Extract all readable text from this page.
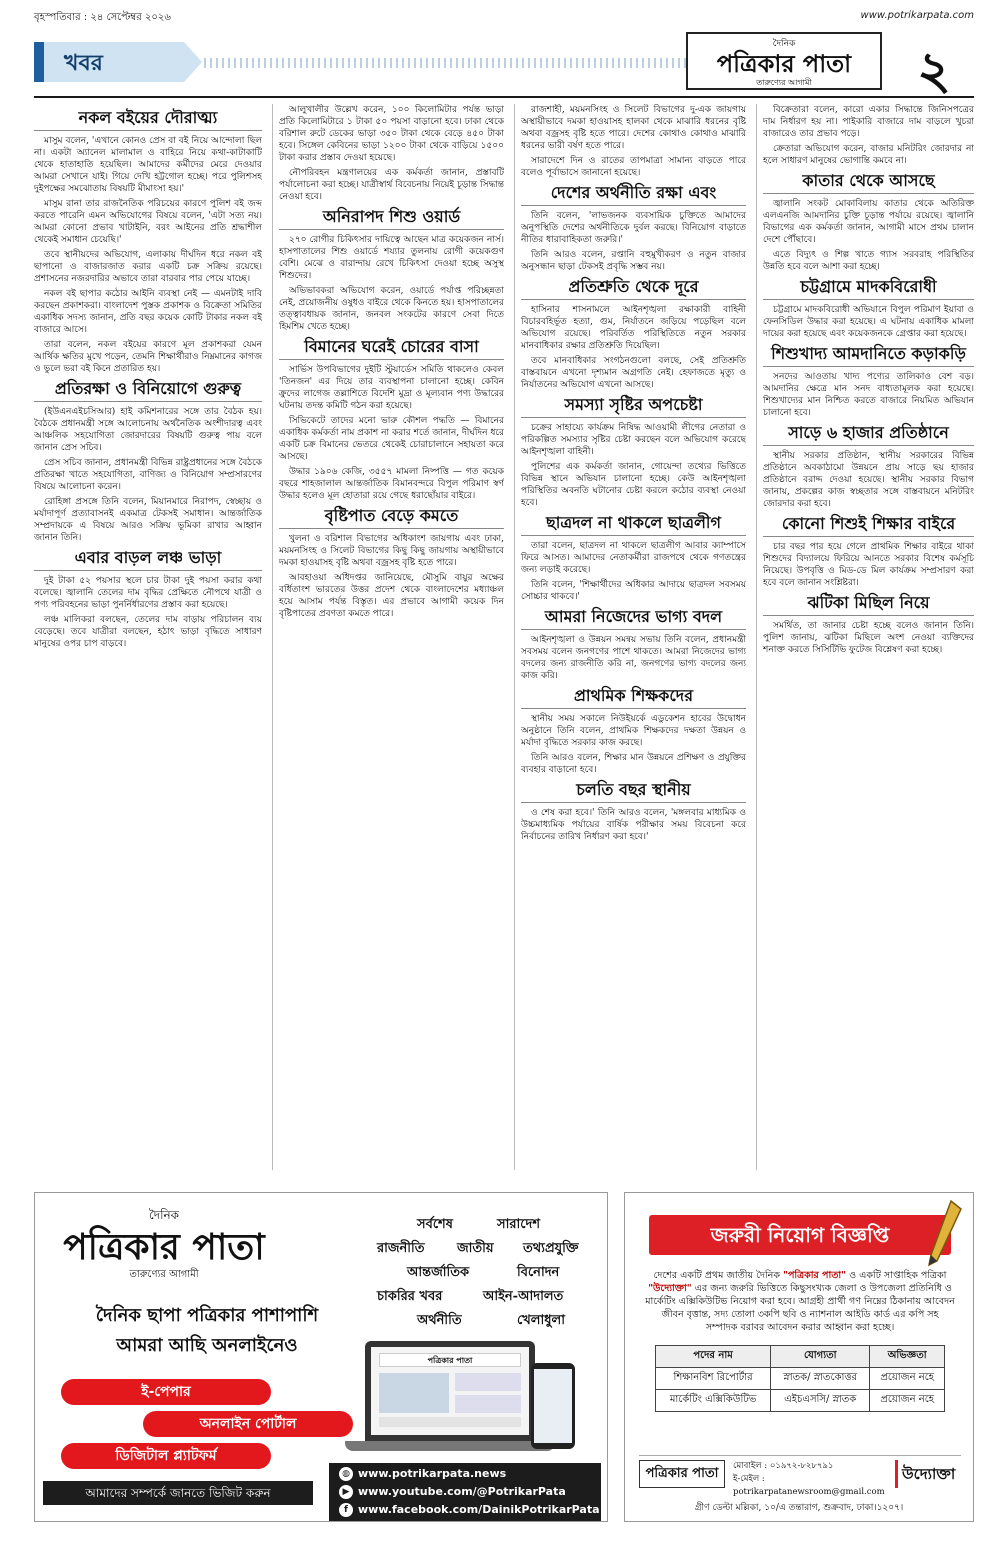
বৃহস্পতিবার : ২৪ সেপ্টেম্বর ২০২৬	www.potrikarpata.com
খবর
দৈনিক
পত্রিকার পাতা
তারুণ্যের আগামী	২
নকল বইয়ের দৌরাত্ম্য

মাসুম বলেন, 'এখানে কোনও প্রেস বা বই নিয়ে আন্দোলা ছিল না। একটা অ্যানেল মালামাল ও বাহিরে নিয়ে কথা-কাটাকাটি থেকে হাতাহাতি হয়েছিল। আমাদের কর্মীদের মেরে দেওয়ার আমরা সেখানে যাই। গিয়ে দেখি হট্টগোল হচ্ছে। পরে পুলিশসহ দুইপক্ষের সমঝোতায় বিষয়টি মীমাংসা হয়।'

মাসুম রানা তার রাজনৈতিক পরিচয়ের কারণে পুলিশ বই জব্দ করতে পারেনি এমন অভিযোগের বিষয়ে বলেন, 'এটা সত্য নয়। আমরা কোনো প্রভাব খাটাইনি, বরং আইনের প্রতি শ্রদ্ধাশীল থেকেই সমাধান চেয়েছি।'

তবে স্থানীয়দের অভিযোগ, এলাকায় দীর্ঘদিন ধরে নকল বই ছাপানো ও বাজারজাত করার একটি চক্র সক্রিয় রয়েছে। প্রশাসনের নজরদারির অভাবে তারা বারবার পার পেয়ে যাচ্ছে।

নকল বই ছাপার কঠোর আইনি ব্যবস্থা নেই — এমনটাই দাবি করছেন প্রকাশকরা। বাংলাদেশ পুস্তক প্রকাশক ও বিক্রেতা সমিতির একাধিক সদস্য জানান, প্রতি বছর কয়েক কোটি টাকার নকল বই বাজারে আসে।

তারা বলেন, নকল বইয়ের কারণে মূল প্রকাশকরা যেমন আর্থিক ক্ষতির মুখে পড়েন, তেমনি শিক্ষার্থীরাও নিম্নমানের কাগজ ও ভুলে ভরা বই কিনে প্রতারিত হয়।

প্রতিরক্ষা ও বিনিয়োগে গুরুত্ব

(ইউএনএইচসিআর) হাই কমিশনারের সঙ্গে তার বৈঠক হয়। বৈঠকে প্রধানমন্ত্রী সঙ্গে আলোচনায় অর্থনৈতিক অংশীদারত্ব এবং আঞ্চলিক সহযোগিতা জোরদারের বিষয়টি গুরুত্ব পায় বলে জানান প্রেস সচিব।

প্রেস সচিব জানান, প্রধানমন্ত্রী বিভিন্ন রাষ্ট্রপ্রধানের সঙ্গে বৈঠকে প্রতিরক্ষা খাতে সহযোগিতা, বাণিজ্য ও বিনিয়োগ সম্প্রসারণের বিষয়ে আলোচনা করেন।

রোহিঙ্গা প্রসঙ্গে তিনি বলেন, মিয়ানমারে নিরাপদ, স্বেচ্ছায় ও মর্যাদাপূর্ণ প্রত্যাবাসনই একমাত্র টেকসই সমাধান। আন্তর্জাতিক সম্প্রদায়কে এ বিষয়ে আরও সক্রিয় ভূমিকা রাখার আহ্বান জানান তিনি।

এবার বাড়ল লঞ্চ ভাড়া

দুই টাকা ৫২ পয়সার স্থলে চার টাকা দুই পয়সা করার কথা বলেছে। জ্বালানি তেলের দাম বৃদ্ধির প্রেক্ষিতে নৌপথে যাত্রী ও পণ্য পরিবহনের ভাড়া পুনর্নির্ধারণের প্রস্তাব করা হয়েছে।

লঞ্চ মালিকরা বলছেন, তেলের দাম বাড়ায় পরিচালন ব্যয় বেড়েছে। তবে যাত্রীরা বলছেন, হঠাৎ ভাড়া বৃদ্ধিতে সাধারণ মানুষের ওপর চাপ বাড়বে।

আলুখালীর উল্লেখ করেন, ১০০ কিলোমিটার পর্যন্ত ভাড়া প্রতি কিলোমিটারে ১ টাকা ৫০ পয়সা বাড়ানো হবে। ঢাকা থেকে বরিশাল রুটে ডেকের ভাড়া ৩৫০ টাকা থেকে বেড়ে ৪৫০ টাকা হবে। সিঙ্গেল কেবিনের ভাড়া ১২০০ টাকা থেকে বাড়িয়ে ১৫০০ টাকা করার প্রস্তাব দেওয়া হয়েছে।

নৌপরিবহন মন্ত্রণালয়ের এক কর্মকর্তা জানান, প্রস্তাবটি পর্যালোচনা করা হচ্ছে। যাত্রীস্বার্থ বিবেচনায় নিয়েই চূড়ান্ত সিদ্ধান্ত নেওয়া হবে।

অনিরাপদ শিশু ওয়ার্ড

২৭০ রোগীর চিকিৎসার দায়িত্বে আছেন মাত্র কয়েকজন নার্স। হাসপাতালের শিশু ওয়ার্ডে শয্যার তুলনায় রোগী কয়েকগুণ বেশি। মেঝে ও বারান্দায় রেখে চিকিৎসা দেওয়া হচ্ছে অসুস্থ শিশুদের।

অভিভাবকরা অভিযোগ করেন, ওয়ার্ডে পর্যাপ্ত পরিচ্ছন্নতা নেই, প্রয়োজনীয় ওষুধও বাইরে থেকে কিনতে হয়। হাসপাতালের তত্ত্বাবধায়ক জানান, জনবল সংকটের কারণে সেবা দিতে হিমশিম খেতে হচ্ছে।

বিমানের ঘরেই চোরের বাসা

সার্ভিস উপবিভাগের দুইটি স্টুয়ার্ডেস সমিতি থাকলেও কেবল 'তিনজন' এর দিয়ে তার ব্যবস্থাপনা চালানো হচ্ছে। কেবিন ক্রুদের লাগেজ তল্লাশিতে বিদেশি মুদ্রা ও মূল্যবান পণ্য উদ্ধারের ঘটনায় তদন্ত কমিটি গঠন করা হয়েছে।

সিভিকেটে তাদের মনো ভারু কৌশল পদ্ধতি — বিমানের একাধিক কর্মকর্তা নাম প্রকাশ না করার শর্তে জানান, দীর্ঘদিন ধরে একটি চক্র বিমানের ভেতরে থেকেই চোরাচালানে সহায়তা করে আসছে।

উদ্ধার ১৯০৬ কেজি, ৩৫৫৭ মামলা নিষ্পত্তি — গত কয়েক বছরে শাহজালাল আন্তর্জাতিক বিমানবন্দরে বিপুল পরিমাণ স্বর্ণ উদ্ধার হলেও মূল হোতারা রয়ে গেছে ধরাছোঁয়ার বাইরে।

বৃষ্টিপাত বেড়ে কমতে

খুলনা ও বরিশাল বিভাগের অধিকাংশ জায়গায় এবং ঢাকা, ময়মনসিংহ ও সিলেট বিভাগের কিছু কিছু জায়গায় অস্থায়ীভাবে দমকা হাওয়াসহ বৃষ্টি অথবা বজ্রসহ বৃষ্টি হতে পারে।

আবহাওয়া অধিদপ্তর জানিয়েছে, মৌসুমি বায়ুর অক্ষের বর্ধিতাংশ ভারতের উত্তর প্রদেশ থেকে বাংলাদেশের মধ্যাঞ্চল হয়ে আসাম পর্যন্ত বিস্তৃত। এর প্রভাবে আগামী কয়েক দিন বৃষ্টিপাতের প্রবণতা কমতে পারে।

রাজশাহী, ময়মনসিংহ ও সিলেট বিভাগের দু-এক জায়গায় অস্থায়ীভাবে দমকা হাওয়াসহ হালকা থেকে মাঝারি ধরনের বৃষ্টি অথবা বজ্রসহ বৃষ্টি হতে পারে। দেশের কোথাও কোথাও মাঝারি ধরনের ভারী বর্ষণ হতে পারে।

সারাদেশে দিন ও রাতের তাপমাত্রা সামান্য বাড়তে পারে বলেও পূর্বাভাসে জানানো হয়েছে।

দেশের অর্থনীতি রক্ষা এবং

তিনি বলেন, 'লাভজনক ব্যবসায়িক চুক্তিতে আমাদের অনুপস্থিতি দেশের অর্থনীতিকে দুর্বল করছে। বিনিয়োগ বাড়াতে নীতির ধারাবাহিকতা জরুরি।'

তিনি আরও বলেন, রপ্তানি বহুমুখীকরণ ও নতুন বাজার অনুসন্ধান ছাড়া টেকসই প্রবৃদ্ধি সম্ভব নয়।

প্রতিশ্রুতি থেকে দূরে

হাসিনার শাসনামলে আইনশৃঙ্খলা রক্ষাকারী বাহিনী বিচারবহির্ভূত হত্যা, গুম, নির্যাতনে জড়িয়ে পড়েছিল বলে অভিযোগ রয়েছে। পরিবর্তিত পরিস্থিতিতে নতুন সরকার মানবাধিকার রক্ষার প্রতিশ্রুতি দিয়েছিল।

তবে মানবাধিকার সংগঠনগুলো বলছে, সেই প্রতিশ্রুতি বাস্তবায়নে এখনো দৃশ্যমান অগ্রগতি নেই। হেফাজতে মৃত্যু ও নির্যাতনের অভিযোগ এখনো আসছে।

সমস্যা সৃষ্টির অপচেষ্টা

চক্রের সাহায্যে কার্যক্রম নিষিদ্ধ আওয়ামী লীগের নেতারা ও পরিকল্পিত সমস্যার সৃষ্টির চেষ্টা করছেন বলে অভিযোগ করেছে আইনশৃঙ্খলা বাহিনী।

পুলিশের এক কর্মকর্তা জানান, গোয়েন্দা তথ্যের ভিত্তিতে বিভিন্ন স্থানে অভিযান চালানো হচ্ছে। কেউ আইনশৃঙ্খলা পরিস্থিতির অবনতি ঘটানোর চেষ্টা করলে কঠোর ব্যবস্থা নেওয়া হবে।

ছাত্রদল না থাকলে ছাত্রলীগ

তারা বলেন, ছাত্রদল না থাকলে ছাত্রলীগ আবার ক্যাম্পাসে ফিরে আসত। আমাদের নেতাকর্মীরা রাজপথে থেকে গণতন্ত্রের জন্য লড়াই করেছে।

তিনি বলেন, 'শিক্ষার্থীদের অধিকার আদায়ে ছাত্রদল সবসময় সোচ্চার থাকবে।'

আমরা নিজেদের ভাগ্য বদল

আইনশৃঙ্খলা ও উন্নয়ন সমন্বয় সভায় তিনি বলেন, প্রধানমন্ত্রী সবসময় বলেন জনগণের পাশে থাকতে। আমরা নিজেদের ভাগ্য বদলের জন্য রাজনীতি করি না, জনগণের ভাগ্য বদলের জন্য কাজ করি।

প্রাথমিক শিক্ষকদের

স্থানীয় সময় সকালে নিউইয়র্কে এডুকেশন হাবের উদ্বোধন অনুষ্ঠানে তিনি বলেন, প্রাথমিক শিক্ষকদের দক্ষতা উন্নয়ন ও মর্যাদা বৃদ্ধিতে সরকার কাজ করছে।

তিনি আরও বলেন, শিক্ষার মান উন্নয়নে প্রশিক্ষণ ও প্রযুক্তির ব্যবহার বাড়ানো হবে।

চলতি বছর স্থানীয়

ও শেষ করা হবে।' তিনি আরও বলেন, 'মঙ্গলবার মাধ্যমিক ও উচ্চমাধ্যমিক পর্যায়ের বার্ষিক পরীক্ষার সময় বিবেচনা করে নির্বাচনের তারিখ নির্ধারণ করা হবে।'

বিক্রেতারা বলেন, কারো একার সিদ্ধান্তে জিনিসপত্রের দাম নির্ধারণ হয় না। পাইকারি বাজারে দাম বাড়লে খুচরা বাজারেও তার প্রভাব পড়ে।

ক্রেতারা অভিযোগ করেন, বাজার মনিটরিং জোরদার না হলে সাধারণ মানুষের ভোগান্তি কমবে না।

কাতার থেকে আসছে

জ্বালানি সংকট মোকাবিলায় কাতার থেকে অতিরিক্ত এলএনজি আমদানির চুক্তি চূড়ান্ত পর্যায়ে রয়েছে। জ্বালানি বিভাগের এক কর্মকর্তা জানান, আগামী মাসে প্রথম চালান দেশে পৌঁছাবে।

এতে বিদ্যুৎ ও শিল্প খাতে গ্যাস সরবরাহ পরিস্থিতির উন্নতি হবে বলে আশা করা হচ্ছে।

চট্টগ্রামে মাদকবিরোধী

চট্টগ্রামে মাদকবিরোধী অভিযানে বিপুল পরিমাণ ইয়াবা ও ফেনসিডিল উদ্ধার করা হয়েছে। এ ঘটনায় একাধিক মামলা দায়ের করা হয়েছে এবং কয়েকজনকে গ্রেপ্তার করা হয়েছে।

শিশুখাদ্য আমদানিতে কড়াকড়ি

সনদের আওতায় খাদ্য পণ্যের তালিকাও বেশ বড়। আমদানির ক্ষেত্রে মান সনদ বাধ্যতামূলক করা হয়েছে। শিশুখাদ্যের মান নিশ্চিত করতে বাজারে নিয়মিত অভিযান চালানো হবে।

সাড়ে ৬ হাজার প্রতিষ্ঠানে

স্থানীয় সরকার প্রতিষ্ঠান, স্থানীয় সরকারের বিভিন্ন প্রতিষ্ঠানে অবকাঠামো উন্নয়নে প্রায় সাড়ে ছয় হাজার প্রতিষ্ঠানে বরাদ্দ দেওয়া হয়েছে। স্থানীয় সরকার বিভাগ জানায়, প্রকল্পের কাজ স্বচ্ছতার সঙ্গে বাস্তবায়নে মনিটরিং জোরদার করা হবে।

কোনো শিশুই শিক্ষার বাইরে

চার বছর পার হয়ে গেলে প্রাথমিক শিক্ষার বাইরে থাকা শিশুদের বিদ্যালয়ে ফিরিয়ে আনতে সরকার বিশেষ কর্মসূচি নিয়েছে। উপবৃত্তি ও মিড-ডে মিল কার্যক্রম সম্প্রসারণ করা হবে বলে জানান সংশ্লিষ্টরা।

ঝটিকা মিছিল নিয়ে

সমর্থিত, তা জানার চেষ্টা হচ্ছে বলেও জানান তিনি। পুলিশ জানায়, ঝটিকা মিছিলে অংশ নেওয়া ব্যক্তিদের শনাক্ত করতে সিসিটিভি ফুটেজ বিশ্লেষণ করা হচ্ছে।

দৈনিক
পত্রিকার পাতা
তারুণ্যের আগামী
সর্বশেষ	সারাদেশ
রাজনীতি জাতীয় তথ্যপ্রযুক্তি
আন্তর্জাতিক	বিনোদন
চাকরির খবর	আইন-আদালত
অর্থনীতি	খেলাধুলা
দৈনিক ছাপা পত্রিকার পাশাপাশি
আমরা আছি অনলাইনেও
ই-পেপার
অনলাইন পোর্টাল
ডিজিটাল প্ল্যাটফর্ম
আমাদের সম্পর্কে জানতে ভিজিট করুন
পত্রিকার পাতা
◍ www.potrikarpata.news
▶ www.youtube.com/@PotrikarPata
f www.facebook.com/DainikPotrikarPata
জরুরী নিয়োগ বিজ্ঞপ্তি
দেশের একটি প্রথম জাতীয় দৈনিক "পত্রিকার পাতা" ও একটি সাপ্তাহিক পত্রিকা "উদ্যোক্তা" এর জন্য জরুরি ভিত্তিতে কিছুসংখ্যক জেলা ও উপজেলা প্রতিনিধি ও মার্কেটিং এক্সিকিউটিভ নিয়োগ করা হবে। আগ্রহী প্রার্থী গণ নিম্নের ঠিকানায় আবেদন জীবন বৃত্তান্ত, সদ্য তোলা ৩কপি ছবি ও ন্যাশনাল আইডি কার্ড এর কপি সহ সম্পাদক বরাবর আবেদন করার আহ্বান করা হচ্ছে।
পদের নাম	যোগ্যতা	অভিজ্ঞতা
শিক্ষানবিশ রিপোর্টার	স্নাতক/ স্নাতকোত্তর	প্রয়োজন নহে
মার্কেটিং এক্সিকিউটিভ	এইচএসসি/ স্নাতক	প্রয়োজন নহে
পত্রিকার পাতা	মোবাইল : ০১৯৭২-৮২৮৭৯১
ই-মেইল : potrikarpatanewsroom@gmail.com
উদ্যোক্তা
গ্রীণ ডেল্টা মল্লিকা, ১০/এ তন্তারাগ, শুক্রবাদ, ঢাকা।১২০৭।
